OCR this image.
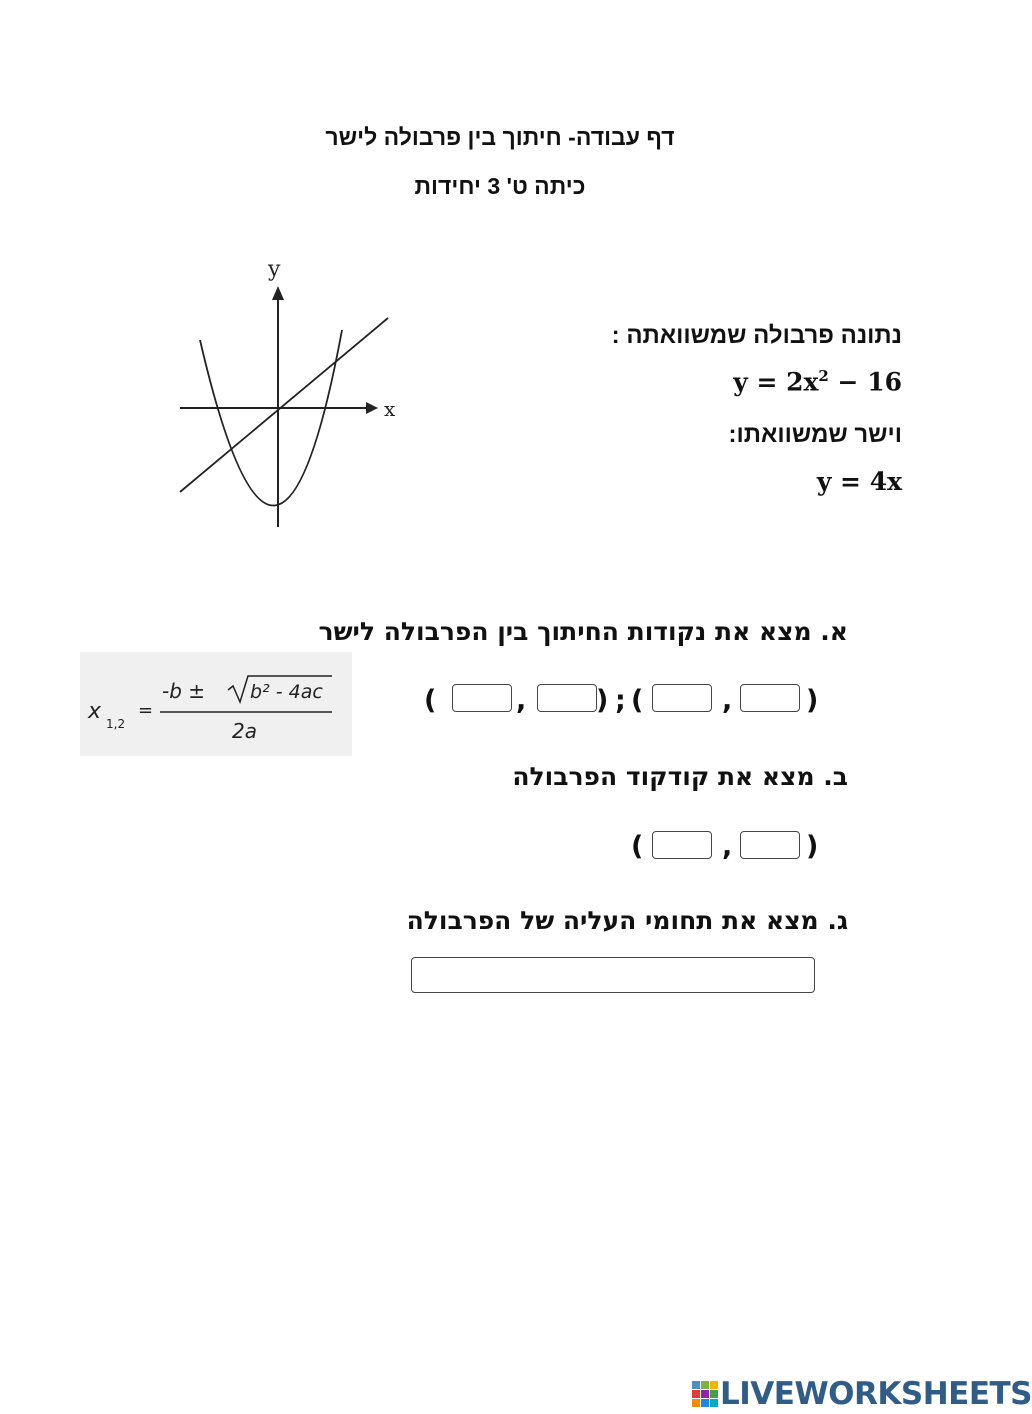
דף עבודה- חיתוך בין פרבולה לישר
כיתה ט' 3 יחידות
x
y
נתונה פרבולה שמשוואתה :
$y = 2x^2 - 16$
וישר שמשוואתו:
y = 4x
א. מצא את נקודות החיתוך בין הפרבולה לישר
x 1,2
=
-b ± b² - 4ac
2a
(	,	) ; (	,	)
ב. מצא את קודקוד הפרבולה
(	,	)
ג. מצא את תחומי העליה של הפרבולה
LIVEWORKSHEETS
